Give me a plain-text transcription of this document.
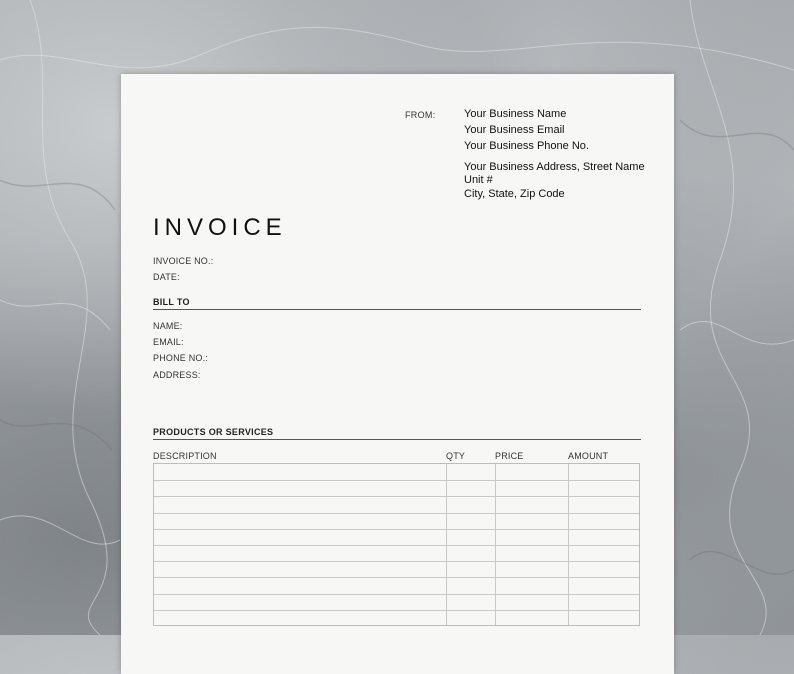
FROM:	Your Business Name
Your Business Email
Your Business Phone No.
Your Business Address, Street Name
Unit #
City, State, Zip Code
INVOICE
INVOICE NO.:
DATE:
BILL TO
NAME:
EMAIL:
PHONE NO.:
ADDRESS:
PRODUCTS OR SERVICES
DESCRIPTION	QTY	PRICE	AMOUNT
